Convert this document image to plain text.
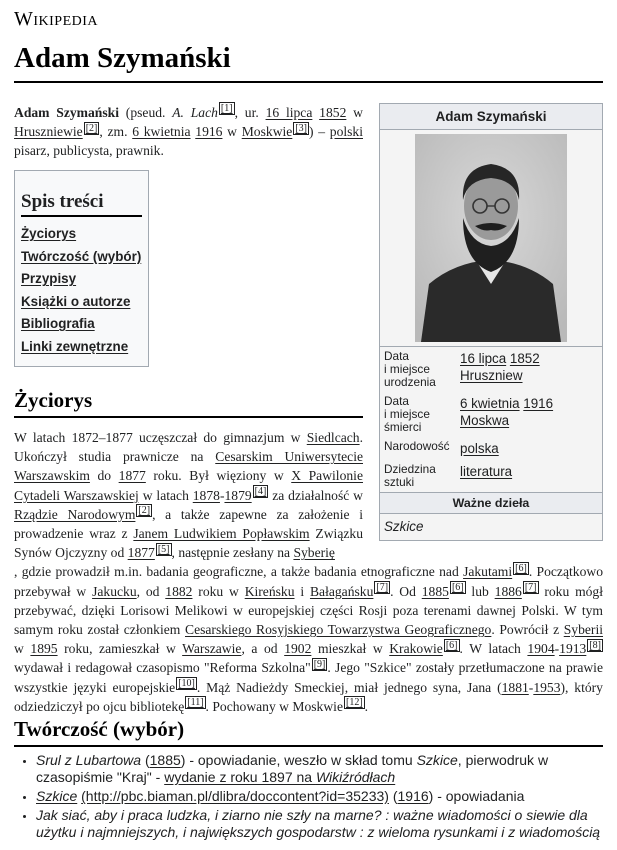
Wikipedia
Adam Szymański

Adam Szymański (pseud. A. Lach [1] , ur. 16 lipca 1852 w Hruszniewie [2] , zm. 6 kwietnia 1916 w Moskwie [3] ) – polski pisarz, publicysta, prawnik.

Adam Szymański
Data
i miejsce
urodzenia	16 lipca 1852
Hruszniew
Data
i miejsce
śmierci	6 kwietnia 1916
Moskwa
Narodowość	polska
Dziedzina
sztuki	literatura
Ważne dzieła
Szkice
Spis treści
Życiorys
Twórczość (wybór)
Przypisy
Książki o autorze
Bibliografia
Linki zewnętrzne
Życiorys

W latach 1872–1877 uczęszczał do gimnazjum w Siedlcach. Ukończył studia prawnicze na Cesarskim Uniwersytecie Warszawskim do 1877 roku. Był więziony w X Pawilonie Cytadeli Warszawskiej w latach 1878-1879 [4] za działalność w Rządzie Narodowym [2] , a także zapewne za założenie i prowadzenie wraz z Janem Ludwikiem Popławskim Związku Synów Ojczyzny od 1877 [5] , następnie zesłany na Syberię
, gdzie prowadził m.in. badania geograficzne, a także badania etnograficzne nad Jakutami [6] . Początkowo przebywał w Jakucku, od 1882 roku w Kireńsku i Bałagańsku [7] . Od 1885 [6] lub 1886 [7] roku mógł przebywać, dzięki Lorisowi Melikowi w europejskiej części Rosji poza terenami dawnej Polski. W tym samym roku został członkiem Cesarskiego Rosyjskiego Towarzystwa Geograficznego. Powrócił z Syberii w 1895 roku, zamieszkał w Warszawie, a od 1902 mieszkał w Krakowie [6] . W latach 1904-1913 [8] wydawał i redagował czasopismo "Reforma Szkolna" [9] . Jego "Szkice" zostały przetłumaczone na prawie wszystkie języki europejskie [10] . Mąż Nadieżdy Smeckiej, miał jednego syna, Jana (1881-1953), który odziedziczył po ojcu bibliotekę [11] . Pochowany w Moskwie [12] .

Twórczość (wybór)
• Srul z Lubartowa (1885) - opowiadanie, weszło w skład tomu Szkice, pierwodruk w czasopiśmie "Kraj" - wydanie z roku 1897 na Wikiźródłach
• Szkice (http://pbc.biaman.pl/dlibra/doccontent?id=35233) (1916) - opowiadania
• Jak siać, aby i praca ludzka, i ziarno nie szły na marne? : ważne wiadomości o siewie dla użytku i najmniejszych, i największych gospodarstw : z wieloma rysunkami i z wiadomością
